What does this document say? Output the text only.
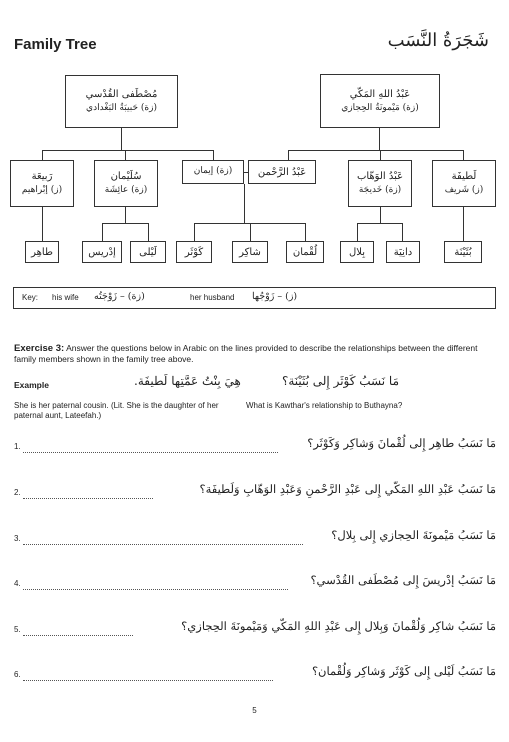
Family Tree	شَجَرَةُ النَّسَب
مُصْطَفى القُدْسي
(زة) حَبيبَةُ البَغْدادي
عَبْدُ اللهِ المَكّي
(زة) مَيْمونَةُ الحِجازي
رَبيعَة
(ز) إبْراهيم
سُلَيْمان
(زة) عائِشَة
(زة) إيمان	عَبْدُ الرَّحْمن	عَبْدُ الوَهّاب
(زة) خَديجَة
لَطيفَة
(ز) شَريف
طاهِر	إدْريس لَيْلى	كَوْثَر	شاكِر	لُقْمان	بِلال	دانِيَة	بُثَيْنَة
Key: his wife (زة) – زَوْجَتُه	her husband (ز) – زَوْجُها
Exercise 3: Answer the questions below in Arabic on the lines provided to describe the relationships between the different family members shown in the family tree above.
Example	هِيَ بِنْتُ عَمَّتِها لَطيفَة.	مَا نَسَبُ كَوْثَر إِلى بُثَيْنَة؟
She is her paternal cousin. (Lit. She is the daughter of her paternal aunt, Lateefah.)
What is Kawthar's relationship to Buthayna?
1.	مَا نَسَبُ طاهِر إِلى لُقْمانَ وَشاكِر وَكَوْثَر؟
2.	مَا نَسَبُ عَبْدِ اللهِ المَكّي إِلى عَبْدِ الرَّحْمنِ وَعَبْدِ الوَهّابِ وَلَطيفَة؟
3.	مَا نَسَبُ مَيْمونَةَ الحِجازي إِلى بِلال؟
4.	مَا نَسَبُ إدْريسَ إِلى مُصْطَفى القُدْسي؟
5.	مَا نَسَبُ شاكِر وَلُقْمانَ وَبِلال إِلى عَبْدِ اللهِ المَكّي وَمَيْمونَةَ الحِجازي؟
6.	مَا نَسَبُ لَيْلى إِلى كَوْثَر وَشاكِر وَلُقْمان؟
5
